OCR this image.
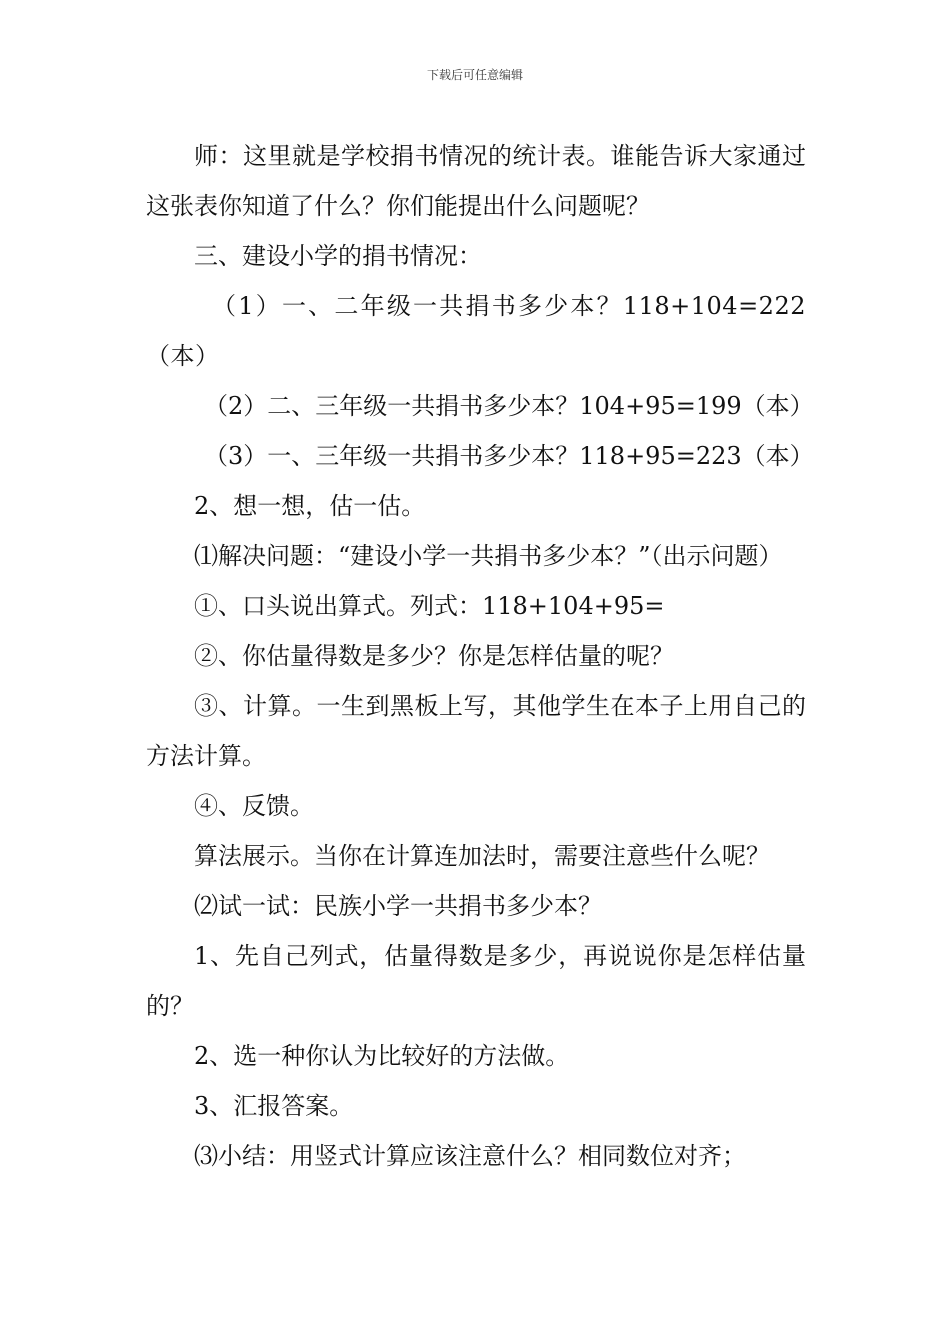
下载后可任意编辑

师：这里就是学校捐书情况的统计表。谁能告诉大家通过这张表你知道了什么？你们能提出什么问题呢？

三、建设小学的捐书情况：

（1）一、二年级一共捐书多少本？118+104=222（本）

（2）二、三年级一共捐书多少本？104+95=199（本）

（3）一、三年级一共捐书多少本？118+95=223（本）

2、想一想，估一估。

⑴解决问题：“建设小学一共捐书多少本？”（出示问题）

①、口头说出算式。列式：118+104+95=

②、你估量得数是多少？你是怎样估量的呢？

③、计算。一生到黑板上写，其他学生在本子上用自己的方法计算。

④、反馈。

算法展示。当你在计算连加法时，需要注意些什么呢？

⑵试一试：民族小学一共捐书多少本？

1、先自己列式，估量得数是多少，再说说你是怎样估量的？

2、选一种你认为比较好的方法做。

3、汇报答案。

⑶小结：用竖式计算应该注意什么？相同数位对齐；
